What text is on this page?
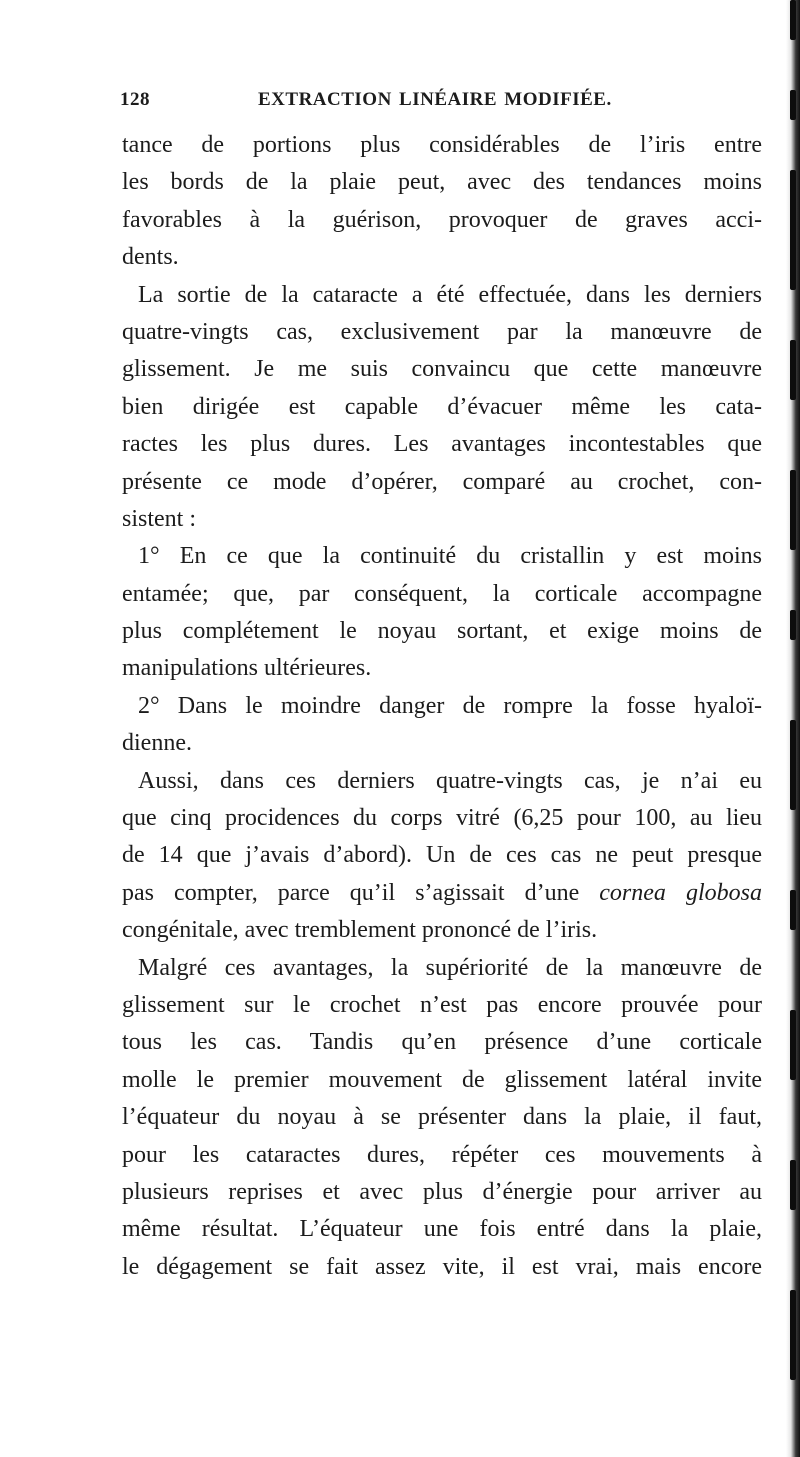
128	EXTRACTION LINÉAIRE MODIFIÉE.
tance de portions plus considérables de l’iris entre
les bords de la plaie peut, avec des tendances moins
favorables à la guérison, provoquer de graves acci-
dents.
La sortie de la cataracte a été effectuée, dans les derniers
quatre-vingts cas, exclusivement par la manœuvre de
glissement. Je me suis convaincu que cette manœuvre
bien dirigée est capable d’évacuer même les cata-
ractes les plus dures. Les avantages incontestables que
présente ce mode d’opérer, comparé au crochet, con-
sistent :
1° En ce que la continuité du cristallin y est moins
entamée; que, par conséquent, la corticale accompagne
plus complétement le noyau sortant, et exige moins de
manipulations ultérieures.
2° Dans le moindre danger de rompre la fosse hyaloï-
dienne.
Aussi, dans ces derniers quatre-vingts cas, je n’ai eu
que cinq procidences du corps vitré (6,25 pour 100, au lieu
de 14 que j’avais d’abord). Un de ces cas ne peut presque
pas compter, parce qu’il s’agissait d’une cornea globosa
congénitale, avec tremblement prononcé de l’iris.
Malgré ces avantages, la supériorité de la manœuvre de
glissement sur le crochet n’est pas encore prouvée pour
tous les cas. Tandis qu’en présence d’une corticale
molle le premier mouvement de glissement latéral invite
l’équateur du noyau à se présenter dans la plaie, il faut,
pour les cataractes dures, répéter ces mouvements à
plusieurs reprises et avec plus d’énergie pour arriver au
même résultat. L’équateur une fois entré dans la plaie,
le dégagement se fait assez vite, il est vrai, mais encore
